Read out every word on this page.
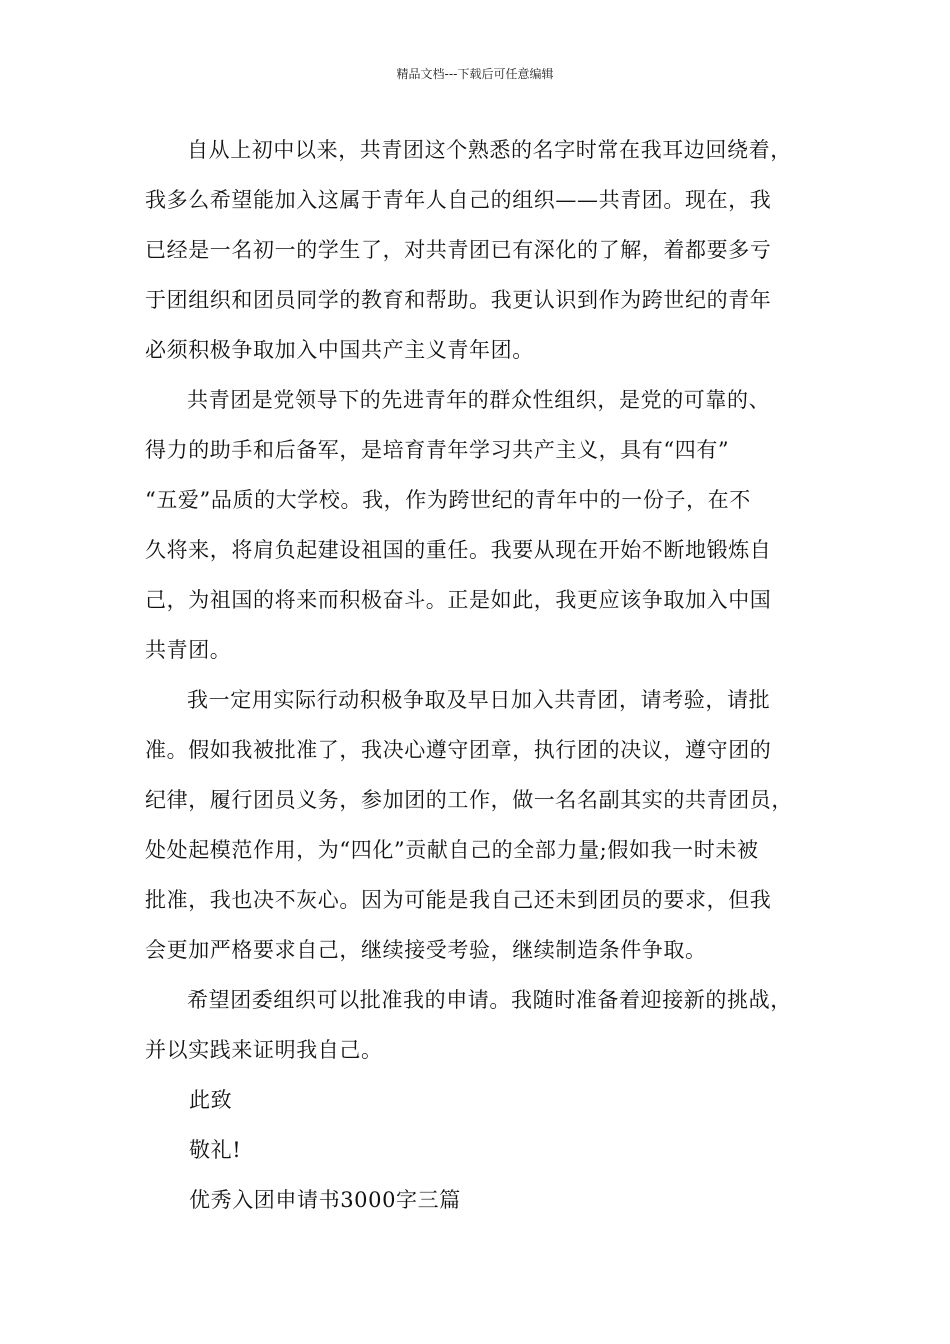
精品文档---下载后可任意编辑

自从上初中以来，共青团这个熟悉的名字时常在我耳边回绕着，
我多么希望能加入这属于青年人自己的组织——共青团。现在，我
已经是一名初一的学生了，对共青团已有深化的了解，着都要多亏
于团组织和团员同学的教育和帮助。我更认识到作为跨世纪的青年
必须积极争取加入中国共产主义青年团。

共青团是党领导下的先进青年的群众性组织，是党的可靠的、
得力的助手和后备军，是培育青年学习共产主义，具有“四有”
“五爱”品质的大学校。我，作为跨世纪的青年中的一份子，在不
久将来，将肩负起建设祖国的重任。我要从现在开始不断地锻炼自
己，为祖国的将来而积极奋斗。正是如此，我更应该争取加入中国
共青团。

我一定用实际行动积极争取及早日加入共青团，请考验，请批
准。假如我被批准了，我决心遵守团章，执行团的决议，遵守团的
纪律，履行团员义务，参加团的工作，做一名名副其实的共青团员，
处处起模范作用，为“四化”贡献自己的全部力量;假如我一时未被
批准，我也决不灰心。因为可能是我自己还未到团员的要求，但我
会更加严格要求自己，继续接受考验，继续制造条件争取。

希望团委组织可以批准我的申请。我随时准备着迎接新的挑战，
并以实践来证明我自己。

此致

敬礼!

优秀入团申请书3000字三篇
